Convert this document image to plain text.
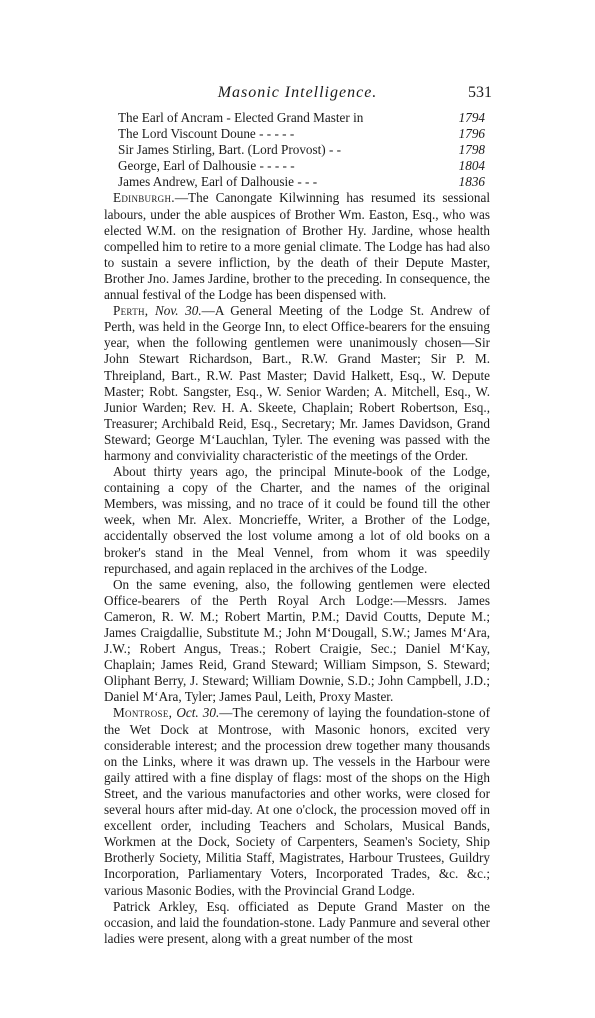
Masonic Intelligence.	531
The Earl of Ancram - Elected Grand Master in	1794
The Lord Viscount Doune - - - - -	1796
Sir James Stirling, Bart. (Lord Provost) - -	1798
George, Earl of Dalhousie - - - - -	1804
James Andrew, Earl of Dalhousie - - -	1836

Edinburgh.—The Canongate Kilwinning has resumed its sessional labours, under the able auspices of Brother Wm. Easton, Esq., who was elected W.M. on the resignation of Brother Hy. Jardine, whose health compelled him to retire to a more genial climate. The Lodge has had also to sustain a severe infliction, by the death of their Depute Master, Brother Jno. James Jardine, brother to the preceding. In consequence, the annual festival of the Lodge has been dispensed with.

Perth, Nov. 30.—A General Meeting of the Lodge St. Andrew of Perth, was held in the George Inn, to elect Office-bearers for the ensuing year, when the following gentlemen were unanimously chosen—Sir John Stewart Richardson, Bart., R.W. Grand Master; Sir P. M. Threipland, Bart., R.W. Past Master; David Halkett, Esq., W. Depute Master; Robt. Sangster, Esq., W. Senior Warden; A. Mitchell, Esq., W. Junior Warden; Rev. H. A. Skeete, Chaplain; Robert Robertson, Esq., Treasurer; Archibald Reid, Esq., Secretary; Mr. James Davidson, Grand Steward; George M‘Lauchlan, Tyler. The evening was passed with the harmony and conviviality characteristic of the meetings of the Order.

About thirty years ago, the principal Minute-book of the Lodge, containing a copy of the Charter, and the names of the original Members, was missing, and no trace of it could be found till the other week, when Mr. Alex. Moncrieffe, Writer, a Brother of the Lodge, accidentally observed the lost volume among a lot of old books on a broker's stand in the Meal Vennel, from whom it was speedily repurchased, and again replaced in the archives of the Lodge.

On the same evening, also, the following gentlemen were elected Office-bearers of the Perth Royal Arch Lodge:—Messrs. James Cameron, R. W. M.; Robert Martin, P.M.; David Coutts, Depute M.; James Craigdallie, Substitute M.; John M‘Dougall, S.W.; James M‘Ara, J.W.; Robert Angus, Treas.; Robert Craigie, Sec.; Daniel M‘Kay, Chaplain; James Reid, Grand Steward; William Simpson, S. Steward; Oliphant Berry, J. Steward; William Downie, S.D.; John Campbell, J.D.; Daniel M‘Ara, Tyler; James Paul, Leith, Proxy Master.

Montrose, Oct. 30.—The ceremony of laying the foundation-stone of the Wet Dock at Montrose, with Masonic honors, excited very considerable interest; and the procession drew together many thousands on the Links, where it was drawn up. The vessels in the Harbour were gaily attired with a fine display of flags: most of the shops on the High Street, and the various manufactories and other works, were closed for several hours after mid-day. At one o'clock, the procession moved off in excellent order, including Teachers and Scholars, Musical Bands, Workmen at the Dock, Society of Carpenters, Seamen's Society, Ship Brotherly Society, Militia Staff, Magistrates, Harbour Trustees, Guildry Incorporation, Parliamentary Voters, Incorporated Trades, &c. &c.; various Masonic Bodies, with the Provincial Grand Lodge.

Patrick Arkley, Esq. officiated as Depute Grand Master on the occasion, and laid the foundation-stone. Lady Panmure and several other ladies were present, along with a great number of the most
